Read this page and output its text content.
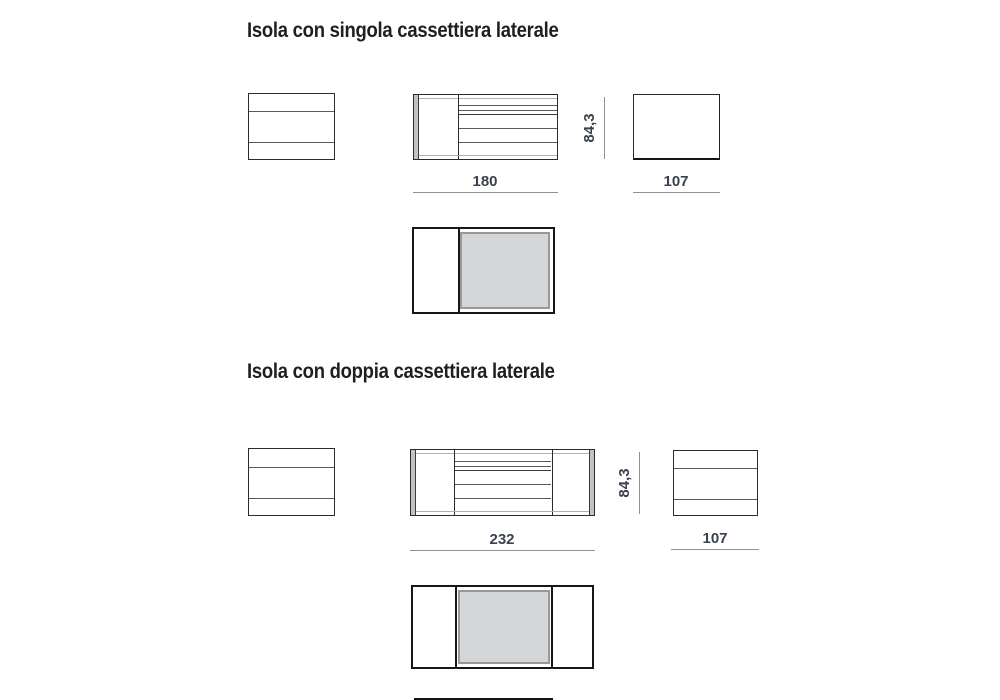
Isola con singola cassettiera laterale
180
84,3
107
Isola con doppia cassettiera laterale
232
84,3
107
